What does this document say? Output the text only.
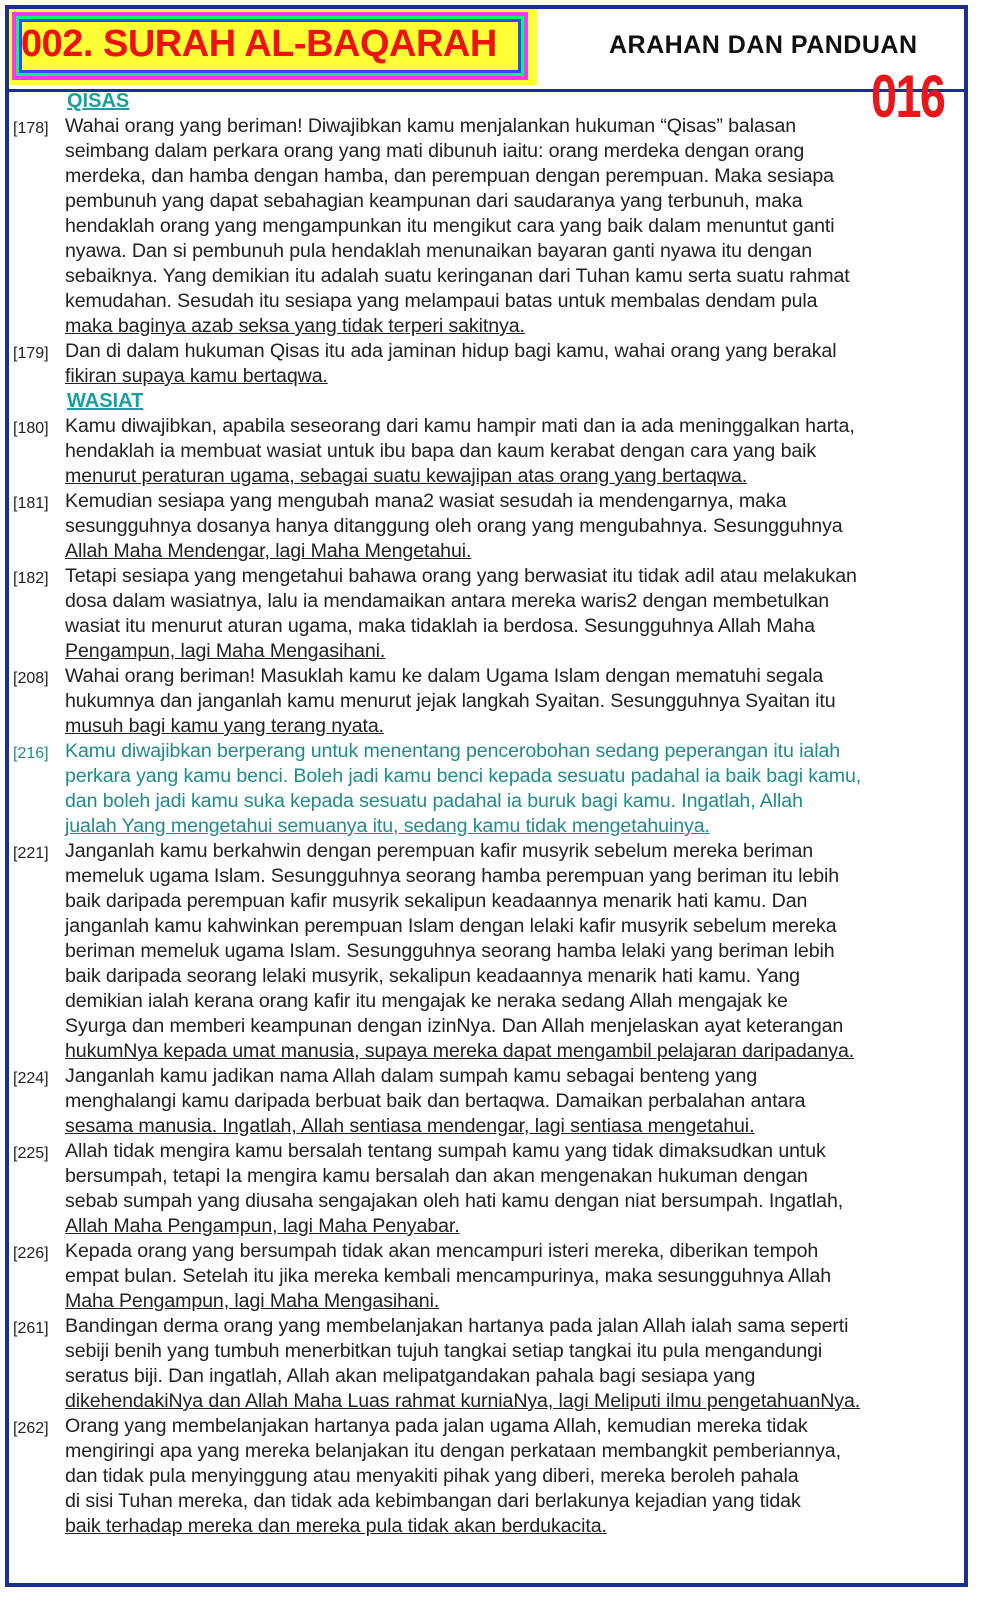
002. SURAH AL-BAQARAH	ARAHAN DAN PANDUAN
016
QISAS
[178] Wahai orang yang beriman! Diwajibkan kamu menjalankan hukuman “Qisas” balasan
seimbang dalam perkara orang yang mati dibunuh iaitu: orang merdeka dengan orang
merdeka, dan hamba dengan hamba, dan perempuan dengan perempuan. Maka sesiapa
pembunuh yang dapat sebahagian keampunan dari saudaranya yang terbunuh, maka
hendaklah orang yang mengampunkan itu mengikut cara yang baik dalam menuntut ganti
nyawa. Dan si pembunuh pula hendaklah menunaikan bayaran ganti nyawa itu dengan
sebaiknya. Yang demikian itu adalah suatu keringanan dari Tuhan kamu serta suatu rahmat
kemudahan. Sesudah itu sesiapa yang melampaui batas untuk membalas dendam pula
maka baginya azab seksa yang tidak terperi sakitnya.
[179] Dan di dalam hukuman Qisas itu ada jaminan hidup bagi kamu, wahai orang yang berakal
fikiran supaya kamu bertaqwa.
WASIAT
[180] Kamu diwajibkan, apabila seseorang dari kamu hampir mati dan ia ada meninggalkan harta,
hendaklah ia membuat wasiat untuk ibu bapa dan kaum kerabat dengan cara yang baik
menurut peraturan ugama, sebagai suatu kewajipan atas orang yang bertaqwa.
[181] Kemudian sesiapa yang mengubah mana2 wasiat sesudah ia mendengarnya, maka
sesungguhnya dosanya hanya ditanggung oleh orang yang mengubahnya. Sesungguhnya
Allah Maha Mendengar, lagi Maha Mengetahui.
[182] Tetapi sesiapa yang mengetahui bahawa orang yang berwasiat itu tidak adil atau melakukan
dosa dalam wasiatnya, lalu ia mendamaikan antara mereka waris2 dengan membetulkan
wasiat itu menurut aturan ugama, maka tidaklah ia berdosa. Sesungguhnya Allah Maha
Pengampun, lagi Maha Mengasihani.
[208] Wahai orang beriman! Masuklah kamu ke dalam Ugama Islam dengan mematuhi segala
hukumnya dan janganlah kamu menurut jejak langkah Syaitan. Sesungguhnya Syaitan itu
musuh bagi kamu yang terang nyata.
[216] Kamu diwajibkan berperang untuk menentang pencerobohan sedang peperangan itu ialah
perkara yang kamu benci. Boleh jadi kamu benci kepada sesuatu padahal ia baik bagi kamu,
dan boleh jadi kamu suka kepada sesuatu padahal ia buruk bagi kamu. Ingatlah, Allah
jualah Yang mengetahui semuanya itu, sedang kamu tidak mengetahuinya.
[221] Janganlah kamu berkahwin dengan perempuan kafir musyrik sebelum mereka beriman
memeluk ugama Islam. Sesungguhnya seorang hamba perempuan yang beriman itu lebih
baik daripada perempuan kafir musyrik sekalipun keadaannya menarik hati kamu. Dan
janganlah kamu kahwinkan perempuan Islam dengan lelaki kafir musyrik sebelum mereka
beriman memeluk ugama Islam. Sesungguhnya seorang hamba lelaki yang beriman lebih
baik daripada seorang lelaki musyrik, sekalipun keadaannya menarik hati kamu. Yang
demikian ialah kerana orang kafir itu mengajak ke neraka sedang Allah mengajak ke
Syurga dan memberi keampunan dengan izinNya. Dan Allah menjelaskan ayat keterangan
hukumNya kepada umat manusia, supaya mereka dapat mengambil pelajaran daripadanya.
[224] Janganlah kamu jadikan nama Allah dalam sumpah kamu sebagai benteng yang
menghalangi kamu daripada berbuat baik dan bertaqwa. Damaikan perbalahan antara
sesama manusia. Ingatlah, Allah sentiasa mendengar, lagi sentiasa mengetahui.
[225] Allah tidak mengira kamu bersalah tentang sumpah kamu yang tidak dimaksudkan untuk
bersumpah, tetapi Ia mengira kamu bersalah dan akan mengenakan hukuman dengan
sebab sumpah yang diusaha sengajakan oleh hati kamu dengan niat bersumpah. Ingatlah,
Allah Maha Pengampun, lagi Maha Penyabar.
[226] Kepada orang yang bersumpah tidak akan mencampuri isteri mereka, diberikan tempoh
empat bulan. Setelah itu jika mereka kembali mencampurinya, maka sesungguhnya Allah
Maha Pengampun, lagi Maha Mengasihani.
[261] Bandingan derma orang yang membelanjakan hartanya pada jalan Allah ialah sama seperti
sebiji benih yang tumbuh menerbitkan tujuh tangkai setiap tangkai itu pula mengandungi
seratus biji. Dan ingatlah, Allah akan melipatgandakan pahala bagi sesiapa yang
dikehendakiNya dan Allah Maha Luas rahmat kurniaNya, lagi Meliputi ilmu pengetahuanNya.
[262] Orang yang membelanjakan hartanya pada jalan ugama Allah, kemudian mereka tidak
mengiringi apa yang mereka belanjakan itu dengan perkataan membangkit pemberiannya,
dan tidak pula menyinggung atau menyakiti pihak yang diberi, mereka beroleh pahala
di sisi Tuhan mereka, dan tidak ada kebimbangan dari berlakunya kejadian yang tidak
baik terhadap mereka dan mereka pula tidak akan berdukacita.
